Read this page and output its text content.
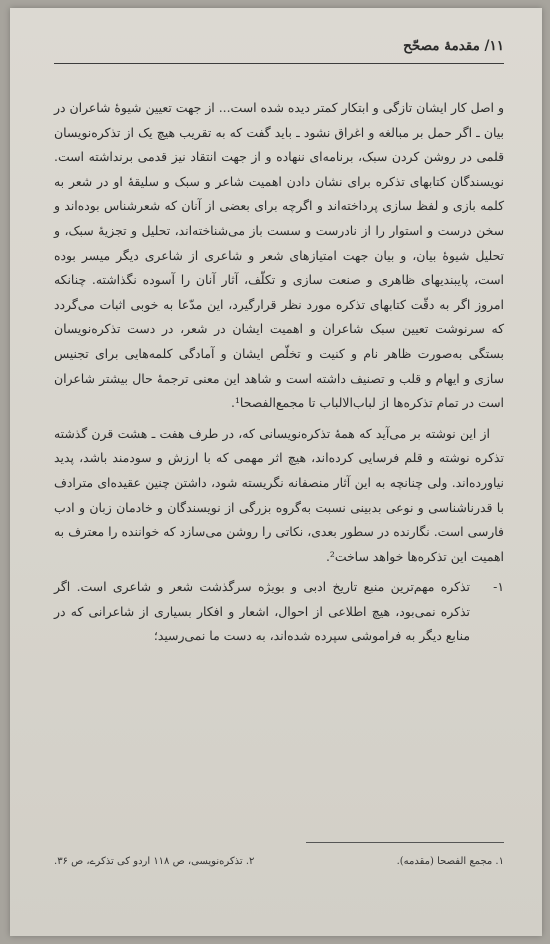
۱۱/ مقدمهٔ مصحّح

و اصل کار ایشان تازگی و ابتکار کمتر دیده شده است... از جهت تعیین شیوهٔ شاعران در بیان ـ اگر حمل بر مبالغه و اغراق نشود ـ باید گفت که به تقریب هیچ یک از تذکره‌نویسان قلمی در روشن کردن سبک، برنامه‌ای ننهاده و از جهت انتقاد نیز قدمی برنداشته است. نویسندگان کتابهای تذکره برای نشان دادن اهمیت شاعر و سبک و سلیقهٔ او در شعر به کلمه بازی و لفظ سازی پرداخته‌اند و اگرچه برای بعضی از آنان که شعرشناس بوده‌اند و سخن درست و استوار را از نادرست و سست باز می‌شناخته‌اند، تحلیل و تجزیهٔ سبک، و تحلیل شیوهٔ بیان، و بیان جهت امتیازهای شعر و شاعری از شاعری دیگر میسر بوده است، پایبندیهای ظاهری و صنعت سازی و تکلّف، آثار آنان را آسوده نگذاشته. چنانکه امروز اگر به دقّت کتابهای تذکره مورد نظر قرارگیرد، این مدّعا به خوبی اثبات می‌گردد که سرنوشت تعیین سبک شاعران و اهمیت ایشان در شعر، در دست تذکره‌نویسان بستگی به‌صورت ظاهر نام و کنیت و تخلّص ایشان و آمادگی کلمه‌هایی برای تجنیس سازی و ایهام و قلب و تصنیف داشته است و شاهد این معنی ترجمهٔ حال بیشتر شاعران است در تمام تذکره‌ها از لباب‌الالباب تا مجمع‌الفصحا¹.

از این نوشته بر می‌آید که همهٔ تذکره‌نویسانی که، در طرف هفت ـ هشت قرن گذشته تذکره نوشته و قلم فرسایی کرده‌اند، هیچ اثر مهمی که با ارزش و سودمند باشد، پدید نیاورده‌اند. ولی چنانچه به این آثار منصفانه نگریسته شود، داشتن چنین عقیده‌ای مترادف با قدرناشناسی و نوعی بدبینی نسبت به‌گروه بزرگی از نویسندگان و خادمان زبان و ادب فارسی است. نگارنده در سطور بعدی، نکاتی را روشن می‌سازد که خواننده را معترف به اهمیت این تذکره‌ها خواهد ساخت².

۱-
تذکره مهم‌ترین منبع تاریخ ادبی و بویژه سرگذشت شعر و شاعری است. اگر تذکره نمی‌بود، هیچ اطلاعی از احوال، اشعار و افکار بسیاری از شاعرانی که در منابع دیگر به فراموشی سپرده شده‌اند، به دست ما نمی‌رسید؛
۱. مجمع الفصحا (مقدمه).
۲. تذکره‌نویسی، ص ۱۱۸ اردو کی تذکرے، ص ۳۶.
